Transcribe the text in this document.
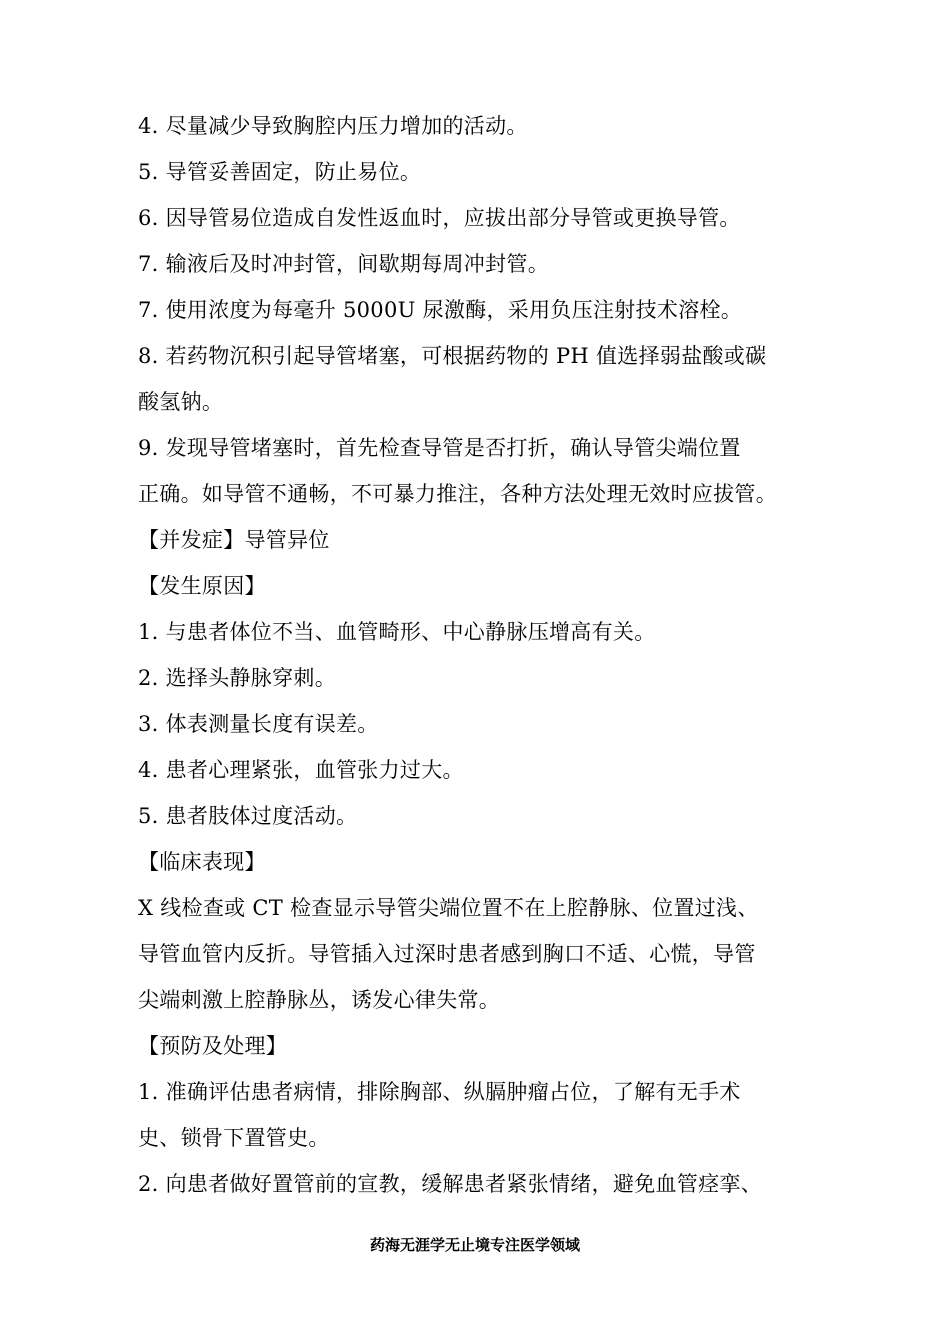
4. 尽量减少导致胸腔内压力增加的活动。
5. 导管妥善固定，防止易位。
6. 因导管易位造成自发性返血时，应拔出部分导管或更换导管。
7. 输液后及时冲封管，间歇期每周冲封管。
7. 使用浓度为每毫升 5000U 尿激酶，采用负压注射技术溶栓。
8. 若药物沉积引起导管堵塞，可根据药物的 PH 值选择弱盐酸或碳
酸氢钠。
9. 发现导管堵塞时，首先检查导管是否打折，确认导管尖端位置
正确。如导管不通畅，不可暴力推注，各种方法处理无效时应拔管。
【并发症】导管异位
【发生原因】
1. 与患者体位不当、血管畸形、中心静脉压增高有关。
2. 选择头静脉穿刺。
3. 体表测量长度有误差。
4. 患者心理紧张，血管张力过大。
5. 患者肢体过度活动。
【临床表现】
X 线检查或 CT 检查显示导管尖端位置不在上腔静脉、位置过浅、
导管血管内反折。导管插入过深时患者感到胸口不适、心慌，导管
尖端刺激上腔静脉丛，诱发心律失常。
【预防及处理】
1. 准确评估患者病情，排除胸部、纵膈肿瘤占位，了解有无手术
史、锁骨下置管史。
2. 向患者做好置管前的宣教，缓解患者紧张情绪，避免血管痉挛、
药海无涯学无止境专注医学领域
